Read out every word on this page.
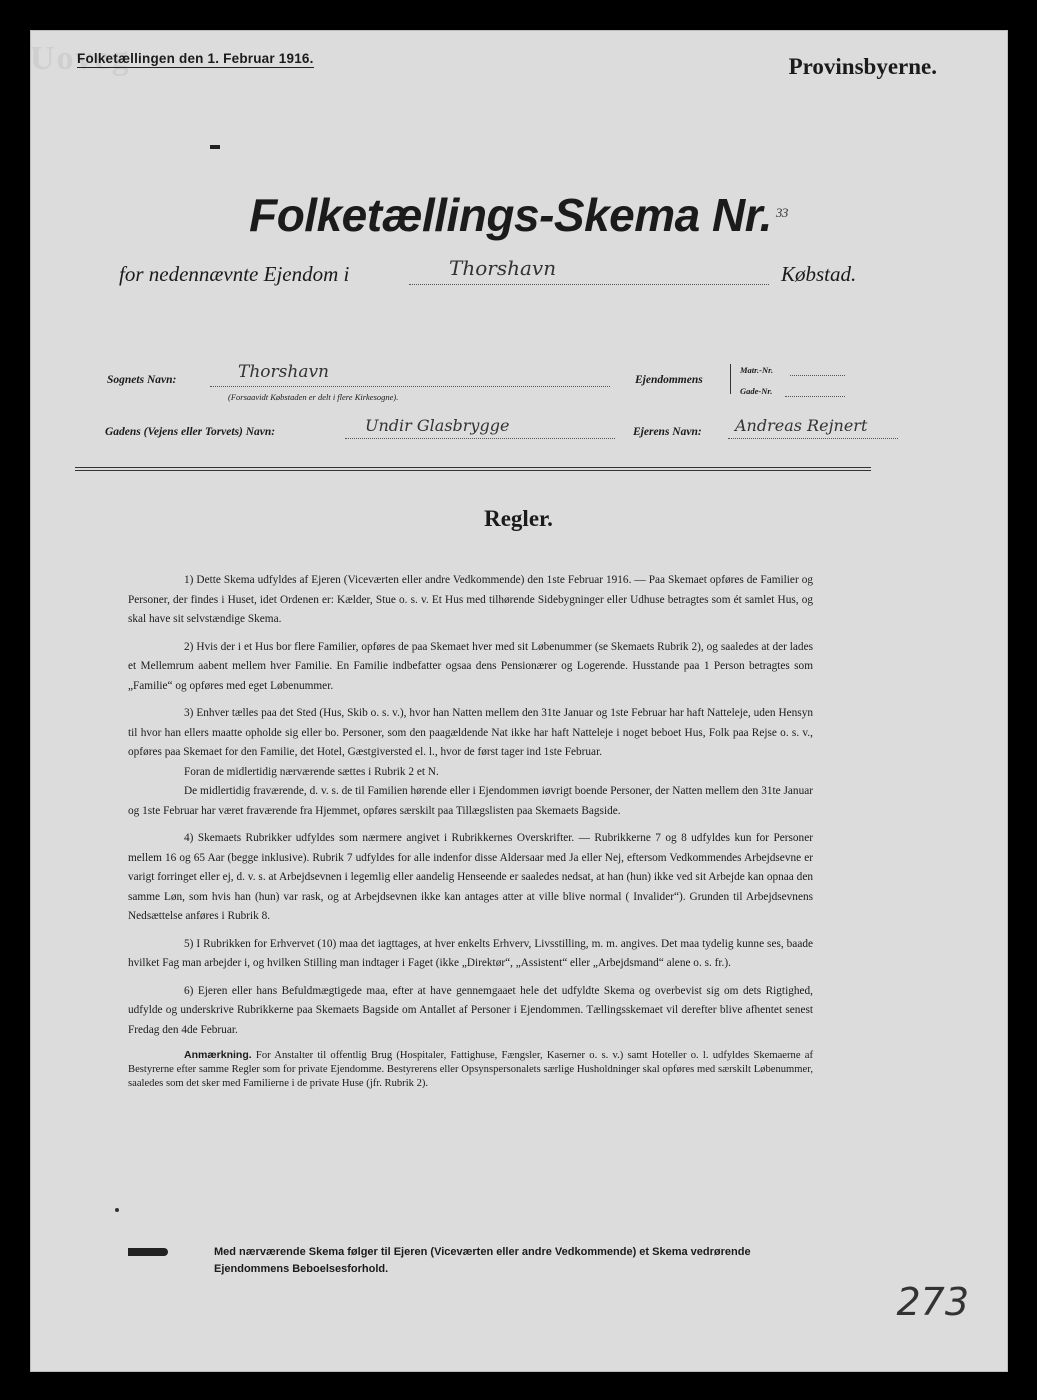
Uoveg
Folketællingen den 1. Februar 1916.	Provinsbyerne.
Folketællings-Skema Nr. $^{33}$
for nedennævnte Ejendom i	Thorshavn	Købstad.
Sognets Navn:	Thorshavn
(Forsaavidt Købstaden er delt i flere Kirkesogne).
Ejendommens
Matr.-Nr.
Gade-Nr.
Gadens (Vejens eller Torvets) Navn:	Undir Glasbrygge	Ejerens Navn: Andreas Rejnert
Regler.

1) Dette Skema udfyldes af Ejeren (Viceværten eller andre Vedkommende) den 1ste Februar 1916. — Paa Skemaet opføres de Familier og Personer, der findes i Huset, idet Ordenen er: Kælder, Stue o. s. v. Et Hus med tilhørende Sidebygninger eller Udhuse betragtes som ét samlet Hus, og skal have sit selvstændige Skema.

2) Hvis der i et Hus bor flere Familier, opføres de paa Skemaet hver med sit Løbenummer (se Skemaets Rubrik 2), og saaledes at der lades et Mellemrum aabent mellem hver Familie. En Familie indbefatter ogsaa dens Pensionærer og Logerende. Husstande paa 1 Person betragtes som „Familie“ og opføres med eget Løbenummer.

3) Enhver tælles paa det Sted (Hus, Skib o. s. v.), hvor han Natten mellem den 31te Januar og 1ste Februar har haft Natteleje, uden Hensyn til hvor han ellers maatte opholde sig eller bo. Personer, som den paagældende Nat ikke har haft Natteleje i noget beboet Hus, Folk paa Rejse o. s. v., opføres paa Skemaet for den Familie, det Hotel, Gæstgiversted el. l., hvor de først tager ind 1ste Februar.

Foran de midlertidig nærværende sættes i Rubrik 2 et N.

De midlertidig fraværende, d. v. s. de til Familien hørende eller i Ejendommen iøvrigt boende Personer, der Natten mellem den 31te Januar og 1ste Februar har været fraværende fra Hjemmet, opføres særskilt paa Tillægslisten paa Skemaets Bagside.

4) Skemaets Rubrikker udfyldes som nærmere angivet i Rubrikkernes Overskrifter. — Rubrikkerne 7 og 8 udfyldes kun for Personer mellem 16 og 65 Aar (begge inklusive). Rubrik 7 udfyldes for alle indenfor disse Aldersaar med Ja eller Nej, eftersom Vedkommendes Arbejdsevne er varigt forringet eller ej, d. v. s. at Arbejdsevnen i legemlig eller aandelig Henseende er saaledes nedsat, at han (hun) ikke ved sit Arbejde kan opnaa den samme Løn, som hvis han (hun) var rask, og at Arbejdsevnen ikke kan antages atter at ville blive normal ( Invalider“). Grunden til Arbejdsevnens Nedsættelse anføres i Rubrik 8.

5) I Rubrikken for Erhvervet (10) maa det iagttages, at hver enkelts Erhverv, Livsstilling, m. m. angives. Det maa tydelig kunne ses, baade hvilket Fag man arbejder i, og hvilken Stilling man indtager i Faget (ikke „Direktør“, „Assistent“ eller „Arbejdsmand“ alene o. s. fr.).

6) Ejeren eller hans Befuldmægtigede maa, efter at have gennemgaaet hele det udfyldte Skema og overbevist sig om dets Rigtighed, udfylde og underskrive Rubrikkerne paa Skemaets Bagside om Antallet af Personer i Ejendommen. Tællingsskemaet vil derefter blive afhentet senest Fredag den 4de Februar.

Anmærkning. For Anstalter til offentlig Brug (Hospitaler, Fattighuse, Fængsler, Kaserner o. s. v.) samt Hoteller o. l. udfyldes Skemaerne af Bestyrerne efter samme Regler som for private Ejendomme. Bestyrerens eller Opsynspersonalets særlige Husholdninger skal opføres med særskilt Løbenummer, saaledes som det sker med Familierne i de private Huse (jfr. Rubrik 2).

Med nærværende Skema følger til Ejeren (Viceværten eller andre Vedkommende) et Skema vedrørende Ejendommens Beboelsesforhold.
273
